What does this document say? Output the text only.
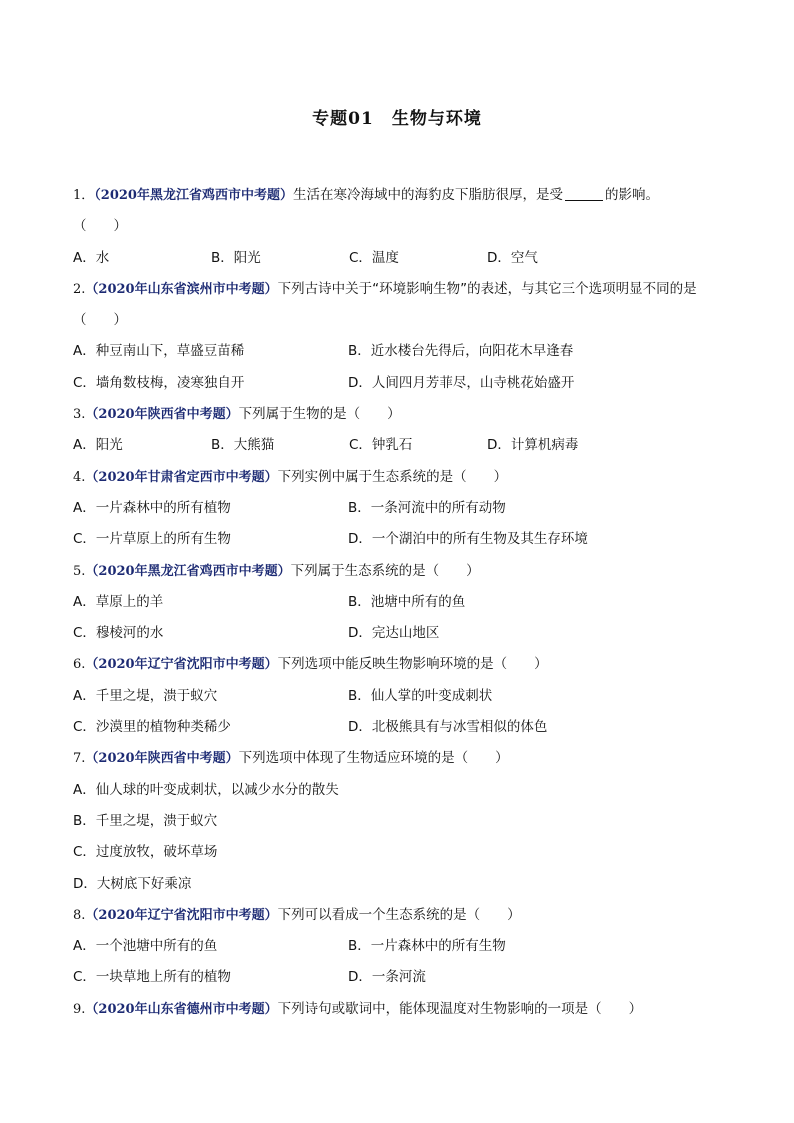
专题01　生物与环境
1．（2020年黑龙江省鸡西市中考题）生活在寒冷海域中的海豹皮下脂肪很厚，是受	的影响。
（　　）
A．水	B．阳光	C．温度	D．空气
2.（2020年山东省滨州市中考题）下列古诗中关于“环境影响生物”的表述，与其它三个选项明显不同的是
（　　）
A．种豆南山下，草盛豆苗稀	B．近水楼台先得后，向阳花木早逢春
C．墙角数枝梅，凌寒独自开	D．人间四月芳菲尽，山寺桃花始盛开
3.（2020年陕西省中考题）下列属于生物的是（　　）
A．阳光	B．大熊猫	C．钟乳石	D．计算机病毒
4.（2020年甘肃省定西市中考题）下列实例中属于生态系统的是（　　）
A．一片森林中的所有植物	B．一条河流中的所有动物
C．一片草原上的所有生物	D．一个湖泊中的所有生物及其生存环境
5.（2020年黑龙江省鸡西市中考题）下列属于生态系统的是（　　）
A．草原上的羊	B．池塘中所有的鱼
C．穆棱河的水	D．完达山地区
6.（2020年辽宁省沈阳市中考题）下列选项中能反映生物影响环境的是（　　）
A．千里之堤，溃于蚁穴	B．仙人掌的叶变成刺状
C．沙漠里的植物种类稀少	D．北极熊具有与冰雪相似的体色
7.（2020年陕西省中考题）下列选项中体现了生物适应环境的是（　　）
A．仙人球的叶变成刺状，以减少水分的散失
B．千里之堤，溃于蚁穴
C．过度放牧，破坏草场
D．大树底下好乘凉
8.（2020年辽宁省沈阳市中考题）下列可以看成一个生态系统的是（　　）
A．一个池塘中所有的鱼	B．一片森林中的所有生物
C．一块草地上所有的植物	D．一条河流
9.（2020年山东省德州市中考题）下列诗句或歇词中，能体现温度对生物影响的一项是（　　）
